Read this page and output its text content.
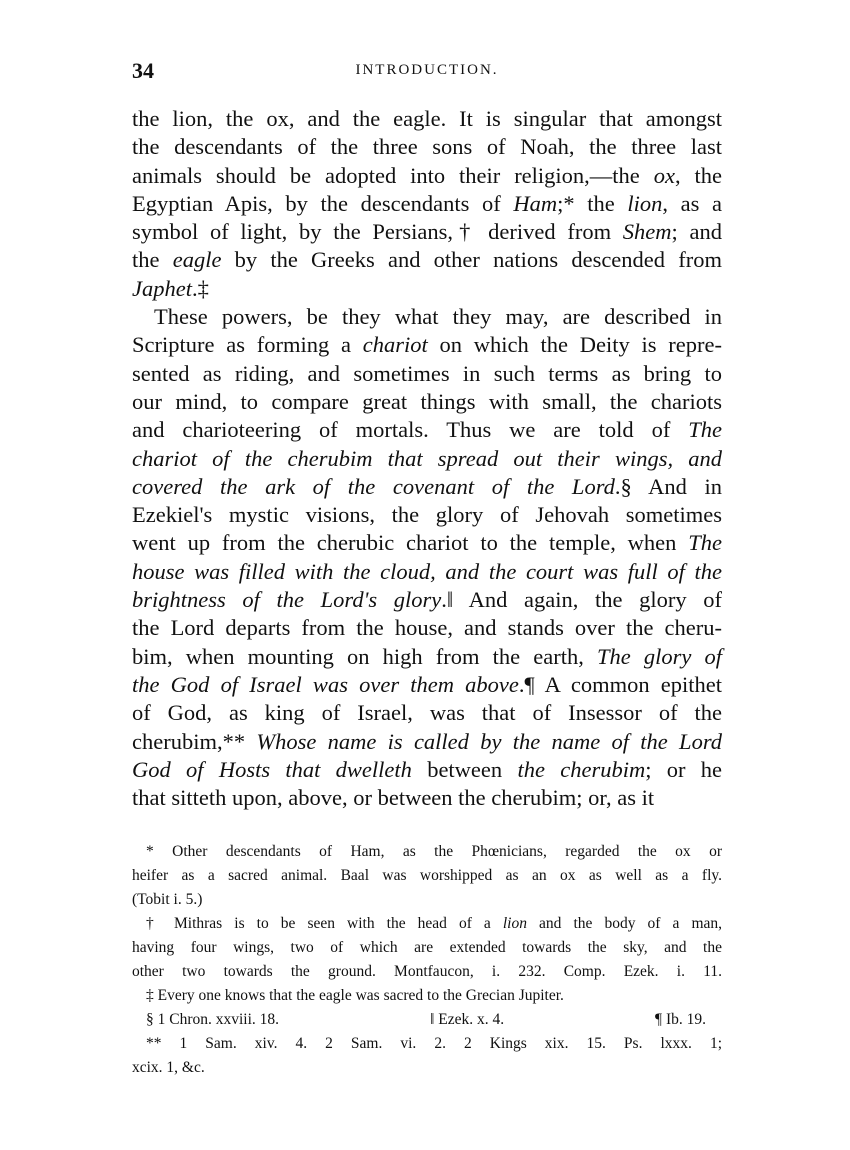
34	INTRODUCTION.
the lion, the ox, and the eagle. It is singular that amongst
the descendants of the three sons of Noah, the three last
animals should be adopted into their religion,—the ox, the
Egyptian Apis, by the descendants of Ham;* the lion, as a
symbol of light, by the Persians,† derived from Shem; and
the eagle by the Greeks and other nations descended from
Japhet.‡
These powers, be they what they may, are described in
Scripture as forming a chariot on which the Deity is repre-
sented as riding, and sometimes in such terms as bring to
our mind, to compare great things with small, the chariots
and charioteering of mortals. Thus we are told of The
chariot of the cherubim that spread out their wings, and
covered the ark of the covenant of the Lord.§ And in
Ezekiel's mystic visions, the glory of Jehovah sometimes
went up from the cherubic chariot to the temple, when The
house was filled with the cloud, and the court was full of the
brightness of the Lord's glory.‖ And again, the glory of
the Lord departs from the house, and stands over the cheru-
bim, when mounting on high from the earth, The glory of
the God of Israel was over them above.¶ A common epithet
of God, as king of Israel, was that of Insessor of the
cherubim,** Whose name is called by the name of the Lord
God of Hosts that dwelleth between the cherubim; or he
that sitteth upon, above, or between the cherubim; or, as it
* Other descendants of Ham, as the Phœnicians, regarded the ox or
heifer as a sacred animal. Baal was worshipped as an ox as well as a fly.
(Tobit i. 5.)
† Mithras is to be seen with the head of a lion and the body of a man,
having four wings, two of which are extended towards the sky, and the
other two towards the ground. Montfaucon, i. 232. Comp. Ezek. i. 11.
‡ Every one knows that the eagle was sacred to the Grecian Jupiter.
§ 1 Chron. xxviii. 18.	‖ Ezek. x. 4.	¶ Ib. 19.
** 1 Sam. xiv. 4. 2 Sam. vi. 2. 2 Kings xix. 15. Ps. lxxx. 1;
xcix. 1, &c.
